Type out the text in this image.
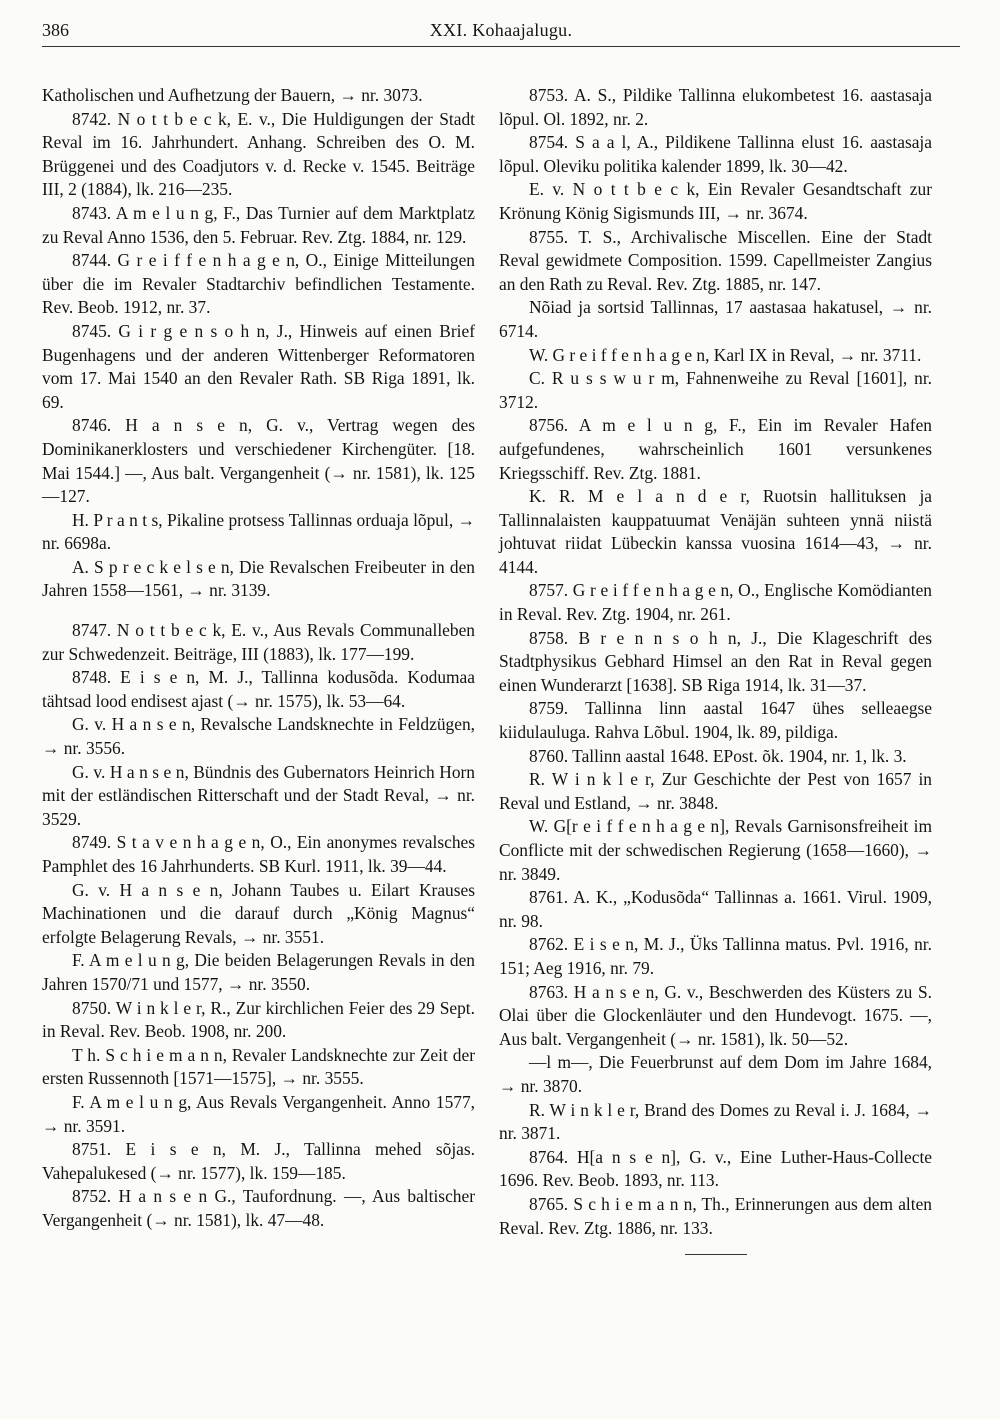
386	XXI. Kohaajalugu.

Katholischen und Aufhetzung der Bauern, → nr. 3073.

8742. N o t t b e c k, E. v., Die Huldigungen der Stadt Reval im 16. Jahrhundert. Anhang. Schreiben des O. M. Brüggenei und des Coadjutors v. d. Recke v. 1545. Beiträge III, 2 (1884), lk. 216—235.

8743. A m e l u n g, F., Das Turnier auf dem Marktplatz zu Reval Anno 1536, den 5. Februar. Rev. Ztg. 1884, nr. 129.

8744. G r e i f f e n h a g e n, O., Einige Mitteilungen über die im Revaler Stadtarchiv befindlichen Testamente. Rev. Beob. 1912, nr. 37.

8745. G i r g e n s o h n, J., Hinweis auf einen Brief Bugenhagens und der anderen Wittenberger Reformatoren vom 17. Mai 1540 an den Revaler Rath. SB Riga 1891, lk. 69.

8746. H a n s e n, G. v., Vertrag wegen des Dominikanerklosters und verschiedener Kirchengüter. [18. Mai 1544.] —, Aus balt. Vergangenheit (→ nr. 1581), lk. 125—127.

H. P r a n t s, Pikaline protsess Tallinnas orduaja lõpul, → nr. 6698a.

A. S p r e c k e l s e n, Die Revalschen Freibeuter in den Jahren 1558—1561, → nr. 3139.

8747. N o t t b e c k, E. v., Aus Revals Communalleben zur Schwedenzeit. Beiträge, III (1883), lk. 177—199.

8748. E i s e n, M. J., Tallinna kodusõda. Kodumaa tähtsad lood endisest ajast (→ nr. 1575), lk. 53—64.

G. v. H a n s e n, Revalsche Landsknechte in Feldzügen, → nr. 3556.

G. v. H a n s e n, Bündnis des Gubernators Heinrich Horn mit der estländischen Ritterschaft und der Stadt Reval, → nr. 3529.

8749. S t a v e n h a g e n, O., Ein anonymes revalsches Pamphlet des 16 Jahrhunderts. SB Kurl. 1911, lk. 39—44.

G. v. H a n s e n, Johann Taubes u. Eilart Krauses Machinationen und die darauf durch „König Magnus“ erfolgte Belagerung Revals, → nr. 3551.

F. A m e l u n g, Die beiden Belagerungen Revals in den Jahren 1570/71 und 1577, → nr. 3550.

8750. W i n k l e r, R., Zur kirchlichen Feier des 29 Sept. in Reval. Rev. Beob. 1908, nr. 200.

T h. S c h i e m a n n, Revaler Landsknechte zur Zeit der ersten Russennoth [1571—1575], → nr. 3555.

F. A m e l u n g, Aus Revals Vergangenheit. Anno 1577, → nr. 3591.

8751. E i s e n, M. J., Tallinna mehed sõjas. Vahepalukesed (→ nr. 1577), lk. 159—185.

8752. H a n s e n G., Taufordnung. —, Aus baltischer Vergangenheit (→ nr. 1581), lk. 47—48.

8753. A. S., Pildike Tallinna elukombetest 16. aastasaja lõpul. Ol. 1892, nr. 2.

8754. S a a l, A., Pildikene Tallinna elust 16. aastasaja lõpul. Oleviku politika kalender 1899, lk. 30—42.

E. v. N o t t b e c k, Ein Revaler Gesandtschaft zur Krönung König Sigismunds III, → nr. 3674.

8755. T. S., Archivalische Miscellen. Eine der Stadt Reval gewidmete Composition. 1599. Capellmeister Zangius an den Rath zu Reval. Rev. Ztg. 1885, nr. 147.

Nõiad ja sortsid Tallinnas, 17 aastasaa hakatusel, → nr. 6714.

W. G r e i f f e n h a g e n, Karl IX in Reval, → nr. 3711.

C. R u s s w u r m, Fahnenweihe zu Reval [1601], nr. 3712.

8756. A m e l u n g, F., Ein im Revaler Hafen aufgefundenes, wahrscheinlich 1601 versunkenes Kriegsschiff. Rev. Ztg. 1881.

K. R. M e l a n d e r, Ruotsin hallituksen ja Tallinnalaisten kauppatuumat Venäjän suhteen ynnä niistä johtuvat riidat Lübeckin kanssa vuosina 1614—43, → nr. 4144.

8757. G r e i f f e n h a g e n, O., Englische Komödianten in Reval. Rev. Ztg. 1904, nr. 261.

8758. B r e n n s o h n, J., Die Klageschrift des Stadtphysikus Gebhard Himsel an den Rat in Reval gegen einen Wunderarzt [1638]. SB Riga 1914, lk. 31—37.

8759. Tallinna linn aastal 1647 ühes selleaegse kiidulauluga. Rahva Lõbul. 1904, lk. 89, pildiga.

8760. Tallinn aastal 1648. EPost. õk. 1904, nr. 1, lk. 3.

R. W i n k l e r, Zur Geschichte der Pest von 1657 in Reval und Estland, → nr. 3848.

W. G[r e i f f e n h a g e n], Revals Garnisonsfreiheit im Conflicte mit der schwedischen Regierung (1658—1660), → nr. 3849.

8761. A. K., „Kodusõda“ Tallinnas a. 1661. Virul. 1909, nr. 98.

8762. E i s e n, M. J., Üks Tallinna matus. Pvl. 1916, nr. 151; Aeg 1916, nr. 79.

8763. H a n s e n, G. v., Beschwerden des Küsters zu S. Olai über die Glockenläuter und den Hundevogt. 1675. —, Aus balt. Vergangenheit (→ nr. 1581), lk. 50—52.

—l m—, Die Feuerbrunst auf dem Dom im Jahre 1684, → nr. 3870.

R. W i n k l e r, Brand des Domes zu Reval i. J. 1684, → nr. 3871.

8764. H[a n s e n], G. v., Eine Luther-Haus-Collecte 1696. Rev. Beob. 1893, nr. 113.

8765. S c h i e m a n n, Th., Erinnerungen aus dem alten Reval. Rev. Ztg. 1886, nr. 133.
